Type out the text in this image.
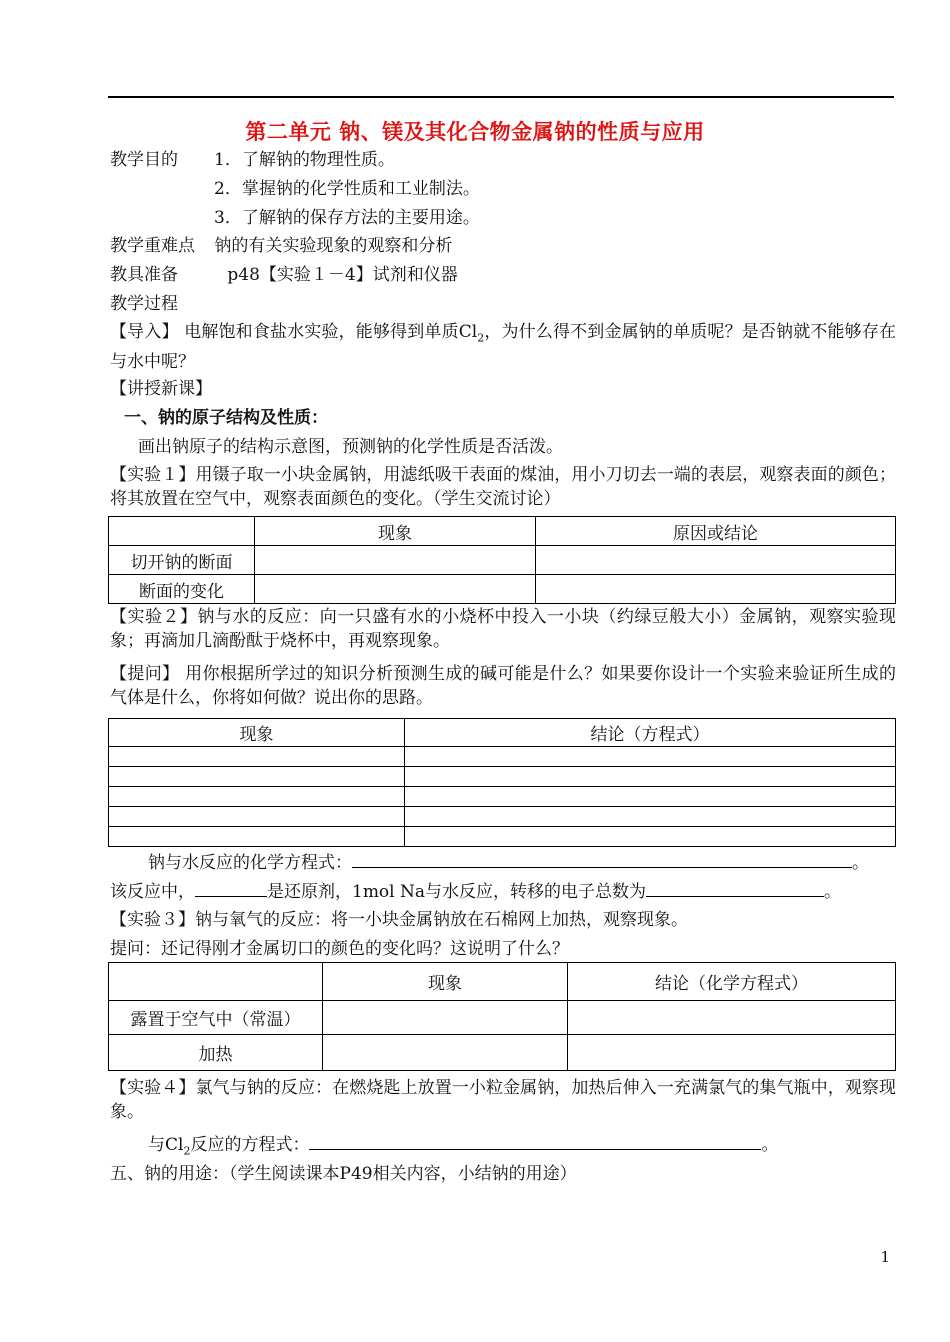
第二单元 钠、镁及其化合物金属钠的性质与应用
教学目的 1．了解钠的物理性质。
2．掌握钠的化学性质和工业制法。
3．了解钠的保存方法的主要用途。
教学重难点 钠的有关实验现象的观察和分析
教具准备	p48【实验１－4】试剂和仪器
教学过程
【导入】 电解饱和食盐水实验，能够得到单质$Cl_2$，为什么得不到金属钠的单质呢？是否钠就不能够存在与水中呢？
【讲授新课】
一、钠的原子结构及性质：
画出钠原子的结构示意图，预测钠的化学性质是否活泼。
【实验１】用镊子取一小块金属钠，用滤纸吸干表面的煤油，用小刀切去一端的表层，观察表面的颜色；将其放置在空气中，观察表面颜色的变化。（学生交流讨论）
	现象	原因或结论
切开钠的断面		
断面的变化		
【实验２】钠与水的反应：向一只盛有水的小烧杯中投入一小块（约绿豆般大小）金属钠，观察实验现象；再滴加几滴酚酞于烧杯中，再观察现象。
【提问】 用你根据所学过的知识分析预测生成的碱可能是什么？如果要你设计一个实验来验证所生成的气体是什么，你将如何做？说出你的思路。
现象	结论（方程式）

钠与水反应的化学方程式：	。
该反应中，	是还原剂，1mol Na与水反应，转移的电子总数为	。
【实验３】钠与氧气的反应：将一小块金属钠放在石棉网上加热，观察现象。
提问：还记得刚才金属切口的颜色的变化吗？这说明了什么？
	现象	结论（化学方程式）
露置于空气中（常温）		
加热		
【实验４】氯气与钠的反应：在燃烧匙上放置一小粒金属钠，加热后伸入一充满氯气的集气瓶中，观察现象。
与$Cl_2$反应的方程式：	。
五、钠的用途：（学生阅读课本P49相关内容，小结钠的用途）
1
